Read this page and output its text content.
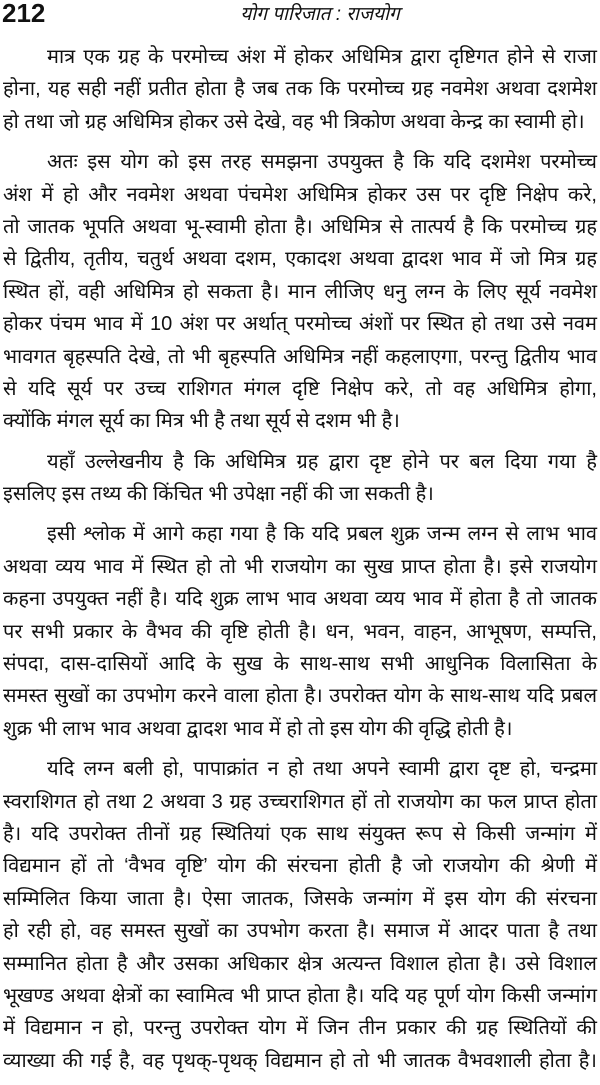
212	योग पारिजात : राजयोग
मात्र एक ग्रह के परमोच्च अंश में होकर अधिमित्र द्वारा दृष्टिगत होने से राजा
होना, यह सही नहीं प्रतीत होता है जब तक कि परमोच्च ग्रह नवमेश अथवा दशमेश
हो तथा जो ग्रह अधिमित्र होकर उसे देखे, वह भी त्रिकोण अथवा केन्द्र का स्वामी हो।
अतः इस योग को इस तरह समझना उपयुक्त है कि यदि दशमेश परमोच्च
अंश में हो और नवमेश अथवा पंचमेश अधिमित्र होकर उस पर दृष्टि निक्षेप करे,
तो जातक भूपति अथवा भू-स्वामी होता है। अधिमित्र से तात्पर्य है कि परमोच्च ग्रह
से द्वितीय, तृतीय, चतुर्थ अथवा दशम, एकादश अथवा द्वादश भाव में जो मित्र ग्रह
स्थित हों, वही अधिमित्र हो सकता है। मान लीजिए धनु लग्न के लिए सूर्य नवमेश
होकर पंचम भाव में 10 अंश पर अर्थात् परमोच्च अंशों पर स्थित हो तथा उसे नवम
भावगत बृहस्पति देखे, तो भी बृहस्पति अधिमित्र नहीं कहलाएगा, परन्तु द्वितीय भाव
से यदि सूर्य पर उच्च राशिगत मंगल दृष्टि निक्षेप करे, तो वह अधिमित्र होगा,
क्योंकि मंगल सूर्य का मित्र भी है तथा सूर्य से दशम भी है।
यहाँ उल्लेखनीय है कि अधिमित्र ग्रह द्वारा दृष्ट होने पर बल दिया गया है
इसलिए इस तथ्य की किंचित भी उपेक्षा नहीं की जा सकती है।
इसी श्लोक में आगे कहा गया है कि यदि प्रबल शुक्र जन्म लग्न से लाभ भाव
अथवा व्यय भाव में स्थित हो तो भी राजयोग का सुख प्राप्त होता है। इसे राजयोग
कहना उपयुक्त नहीं है। यदि शुक्र लाभ भाव अथवा व्यय भाव में होता है तो जातक
पर सभी प्रकार के वैभव की वृष्टि होती है। धन, भवन, वाहन, आभूषण, सम्पत्ति,
संपदा, दास-दासियों आदि के सुख के साथ-साथ सभी आधुनिक विलासिता के
समस्त सुखों का उपभोग करने वाला होता है। उपरोक्त योग के साथ-साथ यदि प्रबल
शुक्र भी लाभ भाव अथवा द्वादश भाव में हो तो इस योग की वृद्धि होती है।
यदि लग्न बली हो, पापाक्रांत न हो तथा अपने स्वामी द्वारा दृष्ट हो, चन्द्रमा
स्वराशिगत हो तथा 2 अथवा 3 ग्रह उच्चराशिगत हों तो राजयोग का फल प्राप्त होता
है। यदि उपरोक्त तीनों ग्रह स्थितियां एक साथ संयुक्त रूप से किसी जन्मांग में
विद्यमान हों तो ‘वैभव वृष्टि’ योग की संरचना होती है जो राजयोग की श्रेणी में
सम्मिलित किया जाता है। ऐसा जातक, जिसके जन्मांग में इस योग की संरचना
हो रही हो, वह समस्त सुखों का उपभोग करता है। समाज में आदर पाता है तथा
सम्मानित होता है और उसका अधिकार क्षेत्र अत्यन्त विशाल होता है। उसे विशाल
भूखण्ड अथवा क्षेत्रों का स्वामित्व भी प्राप्त होता है। यदि यह पूर्ण योग किसी जन्मांग
में विद्यमान न हो, परन्तु उपरोक्त योग में जिन तीन प्रकार की ग्रह स्थितियों की
व्याख्या की गई है, वह पृथक्-पृथक् विद्यमान हो तो भी जातक वैभवशाली होता है।
